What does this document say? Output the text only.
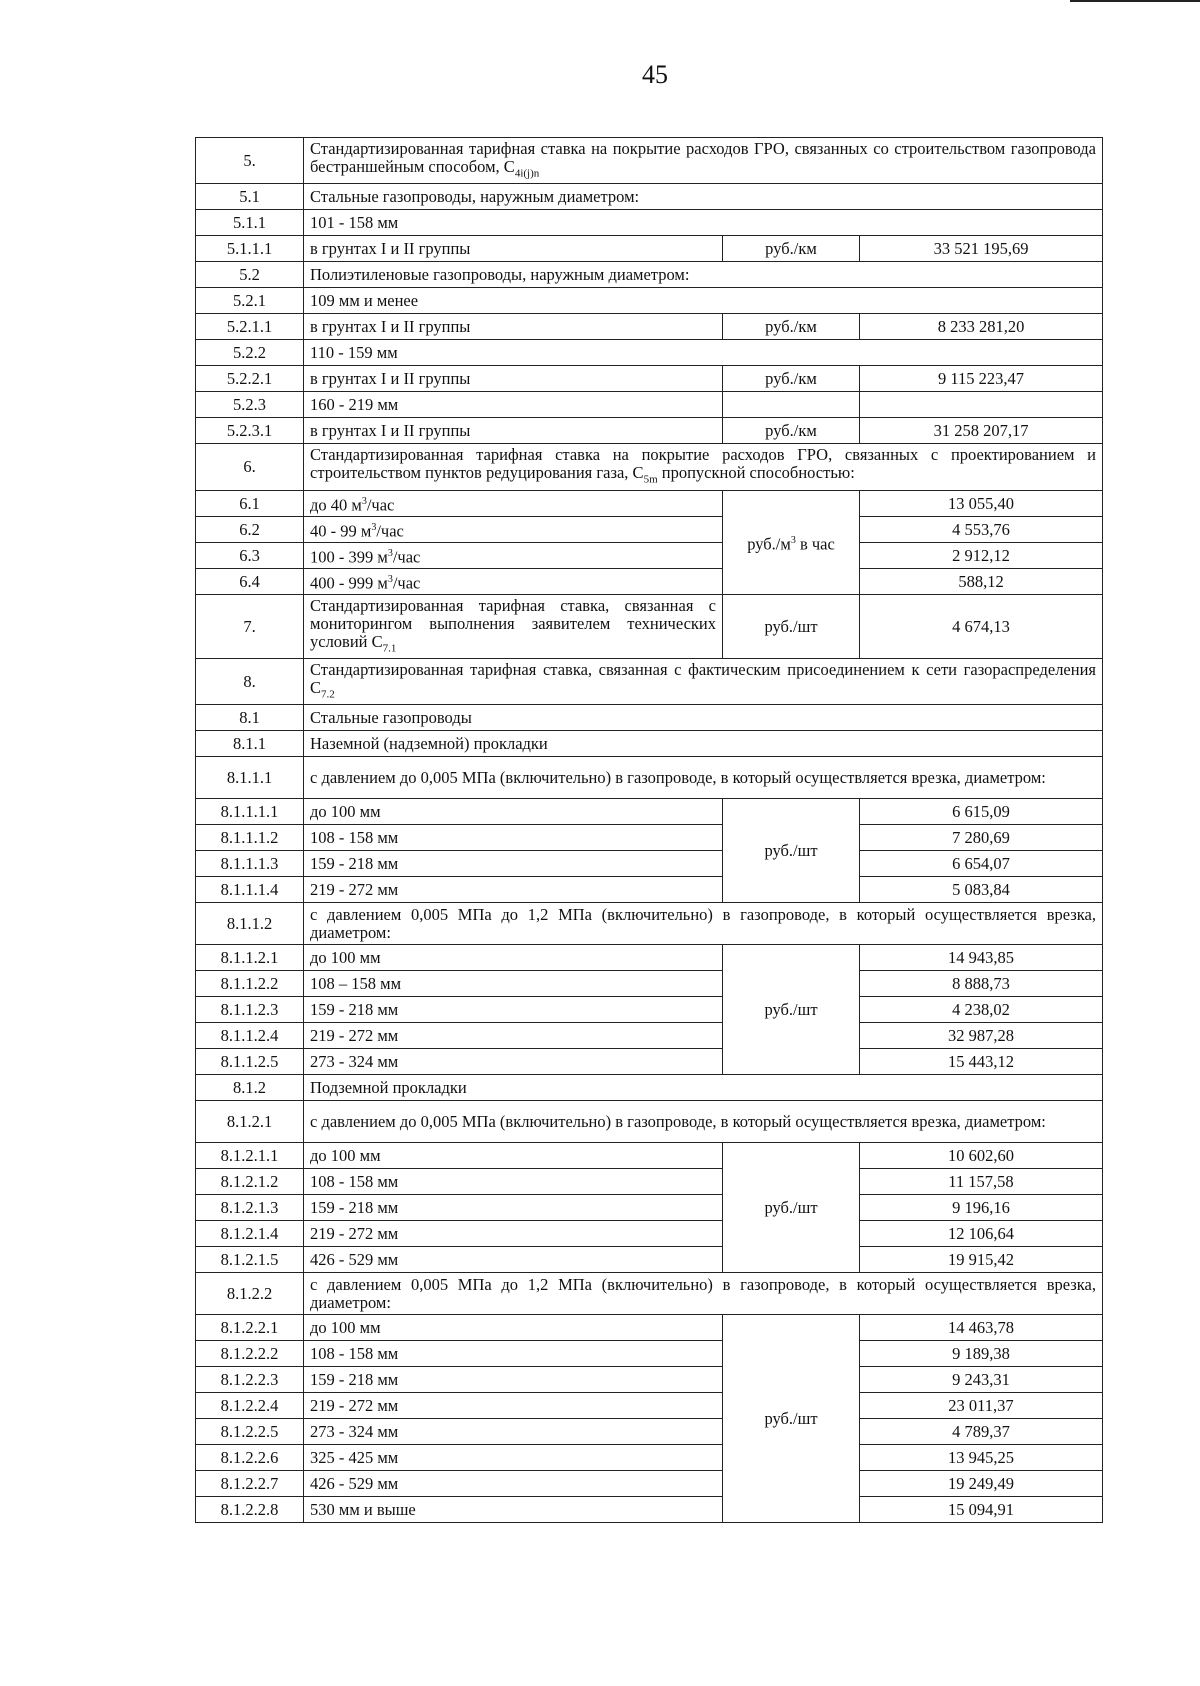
45
5.	Стандартизированная тарифная ставка на покрытие расходов ГРО, связанных со строительством газопровода бестраншейным способом, $C_{4i(j)n}$
5.1	Стальные газопроводы, наружным диаметром:		
5.1.1	101 - 158 мм		
5.1.1.1	в грунтах I и II группы	руб./км	33 521 195,69
5.2	Полиэтиленовые газопроводы, наружным диаметром:		
5.2.1	109 мм и менее		
5.2.1.1	в грунтах I и II группы	руб./км	8 233 281,20
5.2.2	110 - 159 мм		
5.2.2.1	в грунтах I и II группы	руб./км	9 115 223,47
5.2.3	160 - 219 мм		
5.2.3.1	в грунтах I и II группы	руб./км	31 258 207,17
6.	Стандартизированная тарифная ставка на покрытие расходов ГРО, связанных с проектированием и строительством пунктов редуцирования газа, $C_{5m}$ пропускной способностью:		
6.1	до 40 $м^3$/час	$руб./м^3$ в час	13 055,40
6.2	40 - 99 $м^3$/час		4 553,76
6.3	100 - 399 $м^3$/час		2 912,12
6.4	400 - 999 $м^3$/час		588,12
7.	Стандартизированная тарифная ставка, связанная с мониторингом выполнения заявителем технических условий $C_{7.1}$	руб./шт	4 674,13
8.	Стандартизированная тарифная ставка, связанная с фактическим присоединением к сети газораспределения $C_{7.2}$
8.1	Стальные газопроводы		
8.1.1	Наземной (надземной) прокладки		
8.1.1.1	с давлением до 0,005 МПа (включительно) в газопроводе, в который осуществляется врезка, диаметром:		
8.1.1.1.1	до 100 мм	руб./шт	6 615,09
8.1.1.1.2	108 - 158 мм		7 280,69
8.1.1.1.3	159 - 218 мм		6 654,07
8.1.1.1.4	219 - 272 мм		5 083,84
8.1.1.2	с давлением 0,005 МПа до 1,2 МПа (включительно) в газопроводе, в который осуществляется врезка, диаметром:		
8.1.1.2.1	до 100 мм	руб./шт	14 943,85
8.1.1.2.2	108 – 158 мм		8 888,73
8.1.1.2.3	159 - 218 мм		4 238,02
8.1.1.2.4	219 - 272 мм		32 987,28
8.1.1.2.5	273 - 324 мм		15 443,12
8.1.2	Подземной прокладки		
8.1.2.1	с давлением до 0,005 МПа (включительно) в газопроводе, в который осуществляется врезка, диаметром:		
8.1.2.1.1	до 100 мм	руб./шт	10 602,60
8.1.2.1.2	108 - 158 мм		11 157,58
8.1.2.1.3	159 - 218 мм		9 196,16
8.1.2.1.4	219 - 272 мм		12 106,64
8.1.2.1.5	426 - 529 мм		19 915,42
8.1.2.2	с давлением 0,005 МПа до 1,2 МПа (включительно) в газопроводе, в который осуществляется врезка, диаметром:		
8.1.2.2.1	до 100 мм	руб./шт	14 463,78
8.1.2.2.2	108 - 158 мм		9 189,38
8.1.2.2.3	159 - 218 мм		9 243,31
8.1.2.2.4	219 - 272 мм		23 011,37
8.1.2.2.5	273 - 324 мм		4 789,37
8.1.2.2.6	325 - 425 мм		13 945,25
8.1.2.2.7	426 - 529 мм		19 249,49
8.1.2.2.8	530 мм и выше		15 094,91
